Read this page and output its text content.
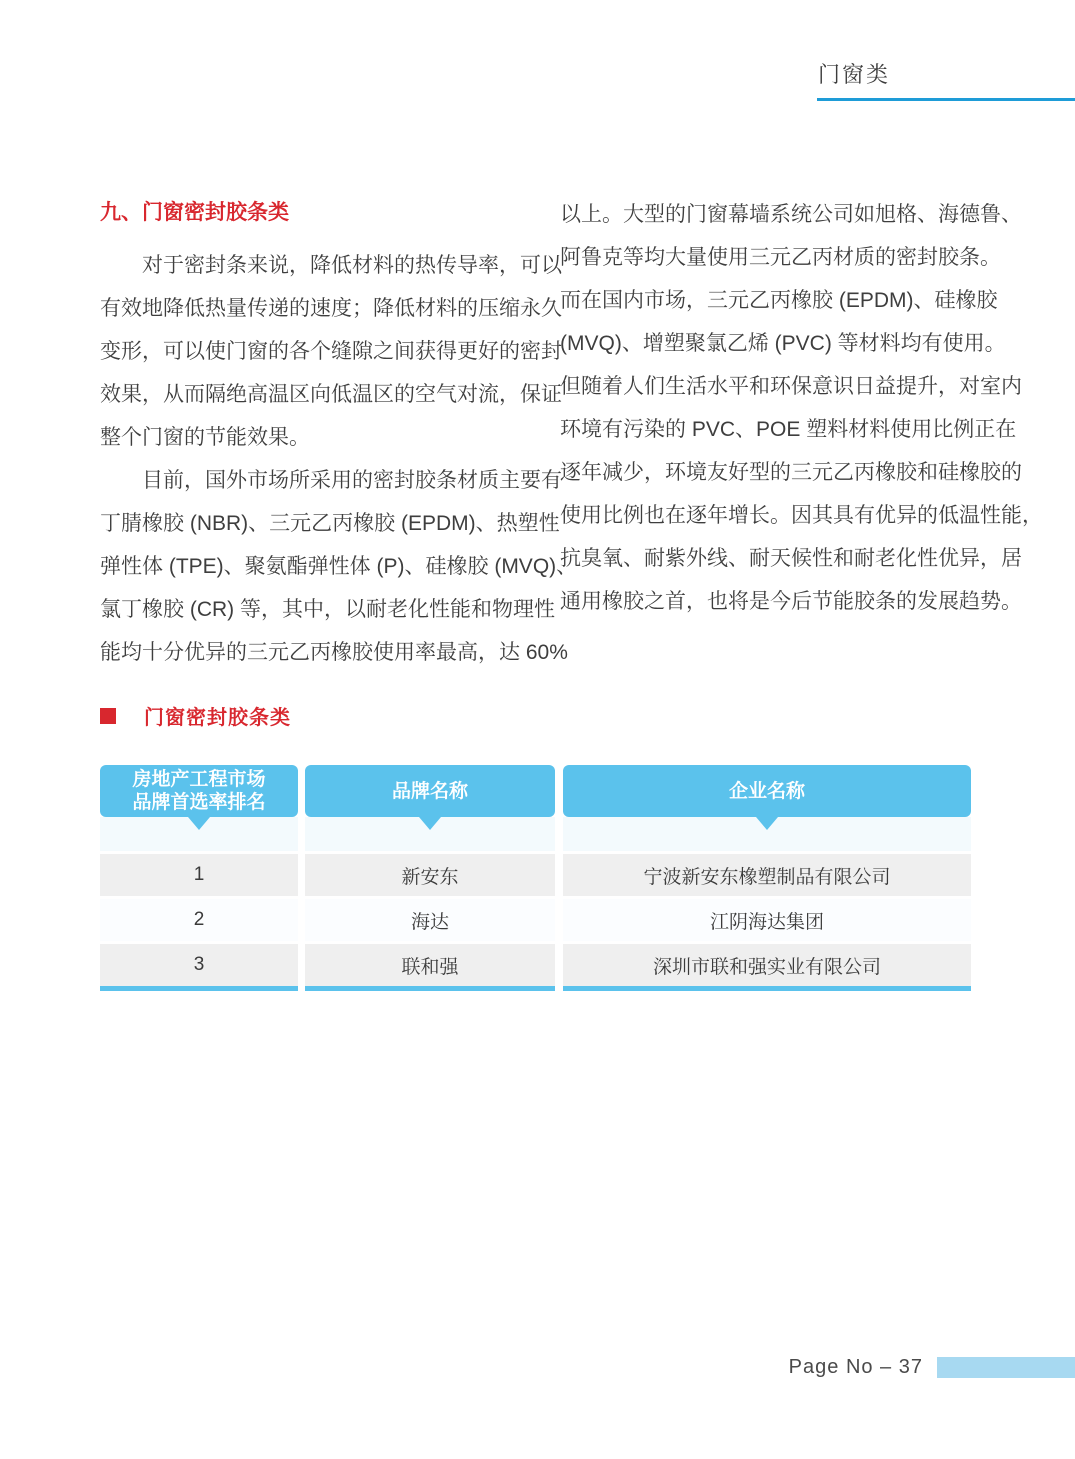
门窗类
九、门窗密封胶条类
对于密封条来说，降低材料的热传导率，可以
有效地降低热量传递的速度；降低材料的压缩永久
变形，可以使门窗的各个缝隙之间获得更好的密封
效果，从而隔绝高温区向低温区的空气对流，保证
整个门窗的节能效果。
目前，国外市场所采用的密封胶条材质主要有
丁腈橡胶 (NBR)、三元乙丙橡胶 (EPDM)、热塑性
弹性体 (TPE)、聚氨酯弹性体 (P)、硅橡胶 (MVQ)、
氯丁橡胶 (CR) 等，其中，以耐老化性能和物理性
能均十分优异的三元乙丙橡胶使用率最高，达 60%
以上。大型的门窗幕墙系统公司如旭格、海德鲁、
阿鲁克等均大量使用三元乙丙材质的密封胶条。
而在国内市场，三元乙丙橡胶 (EPDM)、硅橡胶
(MVQ)、增塑聚氯乙烯 (PVC) 等材料均有使用。
但随着人们生活水平和环保意识日益提升，对室内
环境有污染的 PVC、POE 塑料材料使用比例正在
逐年减少，环境友好型的三元乙丙橡胶和硅橡胶的
使用比例也在逐年增长。因其具有优异的低温性能，
抗臭氧、耐紫外线、耐天候性和耐老化性优异，居
通用橡胶之首，也将是今后节能胶条的发展趋势。
门窗密封胶条类
房地产工程市场
品牌首选率排名
1
2
3
品牌名称
新安东
海达
联和强
企业名称
宁波新安东橡塑制品有限公司
江阴海达集团
深圳市联和强实业有限公司
Page No – 37
